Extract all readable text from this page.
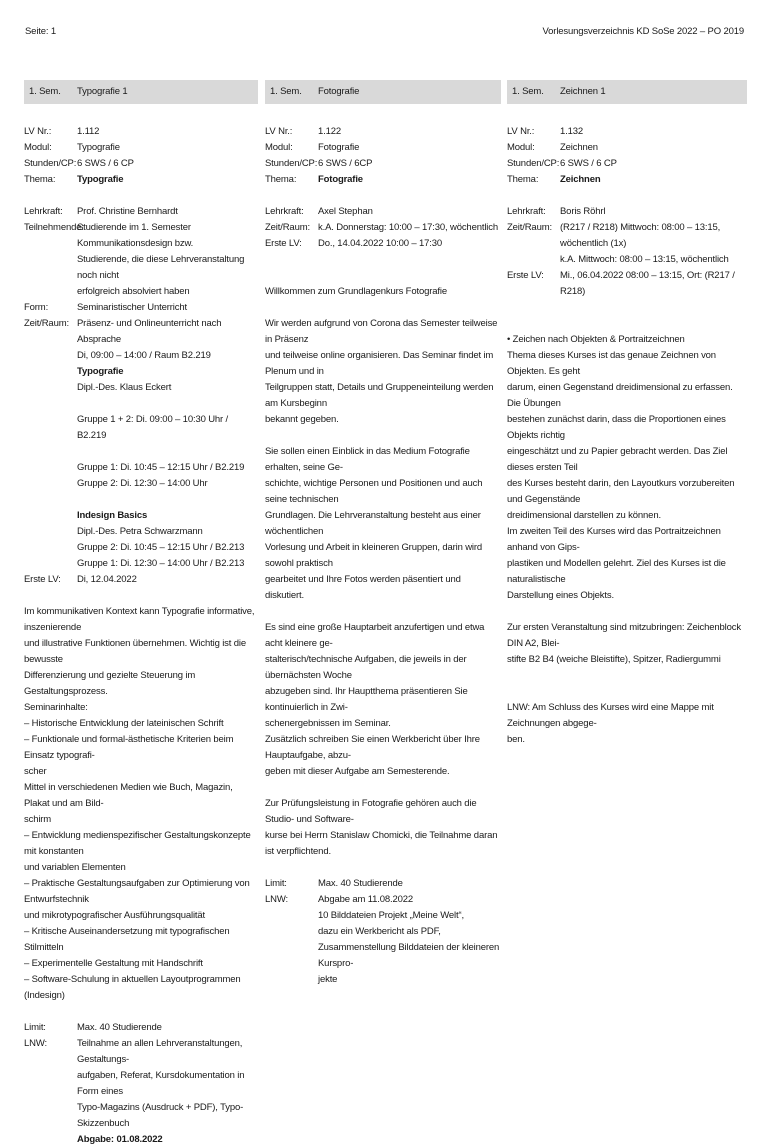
Seite: 1	Vorlesungsverzeichnis KD SoSe 2022 – PO 2019
1. Sem.	Typografie 1
LV Nr.:	1.112
Modul:	Typografie
Stunden/CP: 6 SWS / 6 CP
Thema:	Typografie
Lehrkraft:	Prof. Christine Bernhardt
Teilnehmende:
Studierende im 1. Semester Kommunikationsdesign bzw.
Studierende, die diese Lehrveranstaltung noch nicht
erfolgreich absolviert haben
Form:	Seminaristischer Unterricht
Zeit/Raum: Präsenz- und Onlineunterricht nach Absprache
Di, 09:00 – 14:00 / Raum B2.219
Typografie
Dipl.-Des. Klaus Eckert
Gruppe 1 + 2: Di. 09:00 – 10:30 Uhr / B2.219
Gruppe 1: Di. 10:45 – 12:15 Uhr / B2.219
Gruppe 2: Di. 12:30 – 14:00 Uhr
Indesign Basics
Dipl.-Des. Petra Schwarzmann
Gruppe 2: Di. 10:45 – 12:15 Uhr / B2.213
Gruppe 1: Di. 12:30 – 14:00 Uhr / B2.213
Erste LV:	Di, 12.04.2022
Im kommunikativen Kontext kann Typografie informative, inszenierende
und illustrative Funktionen übernehmen. Wichtig ist die bewusste
Differenzierung und gezielte Steuerung im Gestaltungsprozess.
Seminarinhalte:
– Historische Entwicklung der lateinischen Schrift
– Funktionale und formal-ästhetische Kriterien beim Einsatz typografi-
scher
Mittel in verschiedenen Medien wie Buch, Magazin, Plakat und am Bild-
schirm
– Entwicklung medienspezifischer Gestaltungskonzepte mit konstanten
und variablen Elementen
– Praktische Gestaltungsaufgaben zur Optimierung von Entwurfstechnik
und mikrotypografischer Ausführungsqualität
– Kritische Auseinandersetzung mit typografischen Stilmitteln
– Experimentelle Gestaltung mit Handschrift
– Software-Schulung in aktuellen Layoutprogrammen (Indesign)
Limit:	Max. 40 Studierende
LNW:	Teilnahme an allen Lehrveranstaltungen, Gestaltungs-
aufgaben, Referat, Kursdokumentation in Form eines
Typo-Magazins (Ausdruck + PDF), Typo-Skizzenbuch
Abgabe: 01.08.2022
1. Sem.	Fotografie
LV Nr.:	1.122
Modul:	Fotografie
Stunden/CP: 6 SWS / 6CP
Thema:	Fotografie
Lehrkraft:	Axel Stephan
Zeit/Raum: k.A. Donnerstag: 10:00 – 17:30, wöchentlich
Erste LV:	Do., 14.04.2022 10:00 – 17:30
Willkommen zum Grundlagenkurs Fotografie
Wir werden aufgrund von Corona das Semester teilweise in Präsenz
und teilweise online organisieren. Das Seminar findet im Plenum und in
Teilgruppen statt, Details und Gruppeneinteilung werden am Kursbeginn
bekannt gegeben.
Sie sollen einen Einblick in das Medium Fotografie erhalten, seine Ge-
schichte, wichtige Personen und Positionen und auch seine technischen
Grundlagen. Die Lehrveranstaltung besteht aus einer wöchentlichen
Vorlesung und Arbeit in kleineren Gruppen, darin wird sowohl praktisch
gearbeitet und Ihre Fotos werden päsentiert und diskutiert.
Es sind eine große Hauptarbeit anzufertigen und etwa acht kleinere ge-
stalterisch/technische Aufgaben, die jeweils in der übernächsten Woche
abzugeben sind. Ihr Hauptthema präsentieren Sie kontinuierlich in Zwi-
schenergebnissen im Seminar.
Zusätzlich schreiben Sie einen Werkbericht über Ihre Hauptaufgabe, abzu-
geben mit dieser Aufgabe am Semesterende.
Zur Prüfungsleistung in Fotografie gehören auch die Studio- und Software-
kurse bei Herrn Stanislaw Chomicki, die Teilnahme daran ist verpflichtend.
Limit:	Max. 40 Studierende
LNW:	Abgabe am 11.08.2022
10 Bilddateien Projekt „Meine Welt“,
dazu ein Werkbericht als PDF,
Zusammenstellung Bilddateien der kleineren Kurspro-
jekte
1. Sem.	Zeichnen 1
LV Nr.:	1.132
Modul:	Zeichnen
Stunden/CP: 6 SWS / 6 CP
Thema:	Zeichnen
Lehrkraft:	Boris Röhrl
Zeit/Raum: (R217 / R218) Mittwoch: 08:00 – 13:15, wöchentlich (1x)
k.A. Mittwoch: 08:00 – 13:15, wöchentlich
Erste LV:	Mi., 06.04.2022 08:00 – 13:15, Ort: (R217 / R218)
• Zeichen nach Objekten & Portraitzeichnen
Thema dieses Kurses ist das genaue Zeichnen von Objekten. Es geht
darum, einen Gegenstand dreidimensional zu erfassen. Die Übungen
bestehen zunächst darin, dass die Proportionen eines Objekts richtig
eingeschätzt und zu Papier gebracht werden. Das Ziel dieses ersten Teil
des Kurses besteht darin, den Layoutkurs vorzubereiten und Gegenstände
dreidimensional darstellen zu können.
Im zweiten Teil des Kurses wird das Portraitzeichnen anhand von Gips-
plastiken und Modellen gelehrt. Ziel des Kurses ist die naturalistische
Darstellung eines Objekts.
Zur ersten Veranstaltung sind mitzubringen: Zeichenblock DIN A2, Blei-
stifte B2 B4 (weiche Bleistifte), Spitzer, Radiergummi
LNW: Am Schluss des Kurses wird eine Mappe mit Zeichnungen abgege-
ben.
